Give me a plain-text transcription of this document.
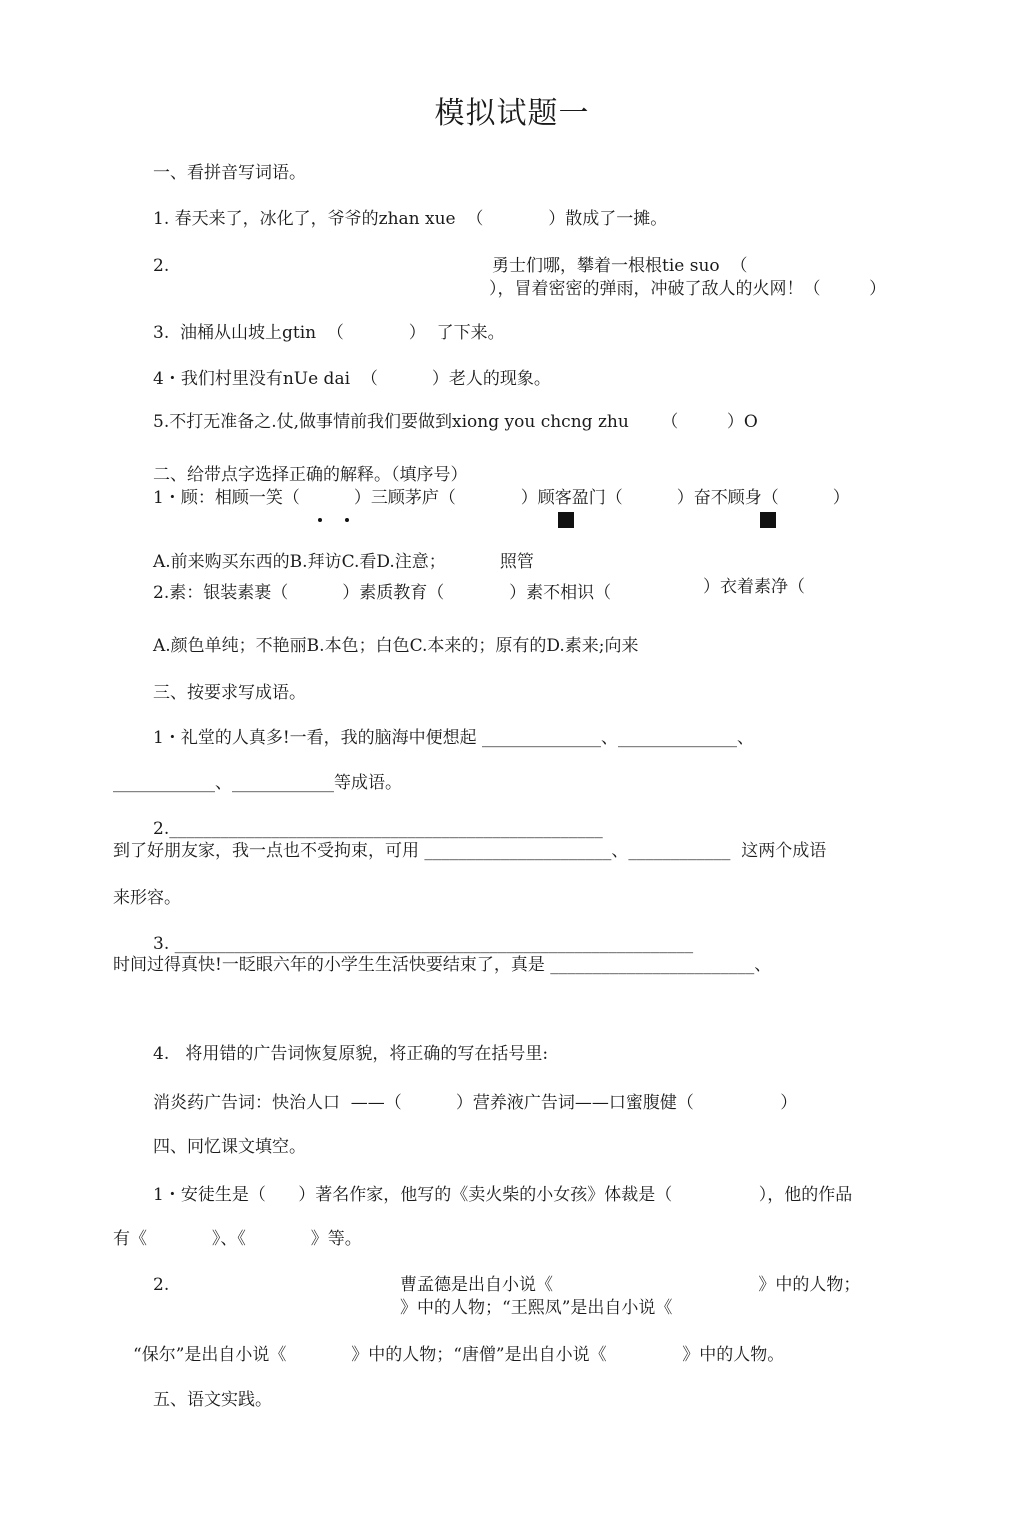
模拟试题一
一、看拼音写词语。
1. 春天来了，冰化了，爷爷的zhan xue  （            ）散成了一摊。
2.	勇士们哪，攀着一根根tie suo  （
），冒着密密的弹雨，冲破了敌人的火网！（         ）
3.  油桶从山坡上gtin  （            ）  了下来。
4・我们村里没有nUe dai  （          ）老人的现象。
5.不打无准备之.仗,做事情前我们要做到xiong you chcng zhu      （         ）O
二、给带点字选择正确的解释。（填序号）
1・顾：相顾一笑（          ）三顾茅庐（            ）顾客盈门（          ）奋不顾身（          ）
A.前来购买东西的B.拜访C.看D.注意；          照管
2.素：银装素裹（          ）素质教育（            ）素不相识（	）衣着素净（
A.颜色单纯；不艳丽B.本色；白色C.本来的；原有的D.素来;向来
三、按要求写成语。
1・礼堂的人真多!一看，我的脑海中便想起 ______________、______________、
____________、____________等成语。
2.___________________________________________________
到了好朋友家，我一点也不受拘束，可用 ______________________、____________  这两个成语
来形容。
3. _____________________________________________________________
时间过得真快!一眨眼六年的小学生生活快要结束了，真是 ________________________、
4.   将用错的广告词恢复原貌，将正确的写在括号里:
消炎药广告词：快治人口  ——（          ）营养液广告词——口蜜腹健（                ）
四、冋忆课文填空。
1・安徒生是（      ）著名作家，他写的《卖火柴的小女孩》体裁是（                ），他的作品
有《            》、《            》等。
2.	曹孟德是出自小说《                                      》中的人物；
》中的人物；“王熙凤”是出自小说《
“保尔”是出自小说《            》中的人物；“唐僧”是出自小说《              》中的人物。
五、语文实践。
